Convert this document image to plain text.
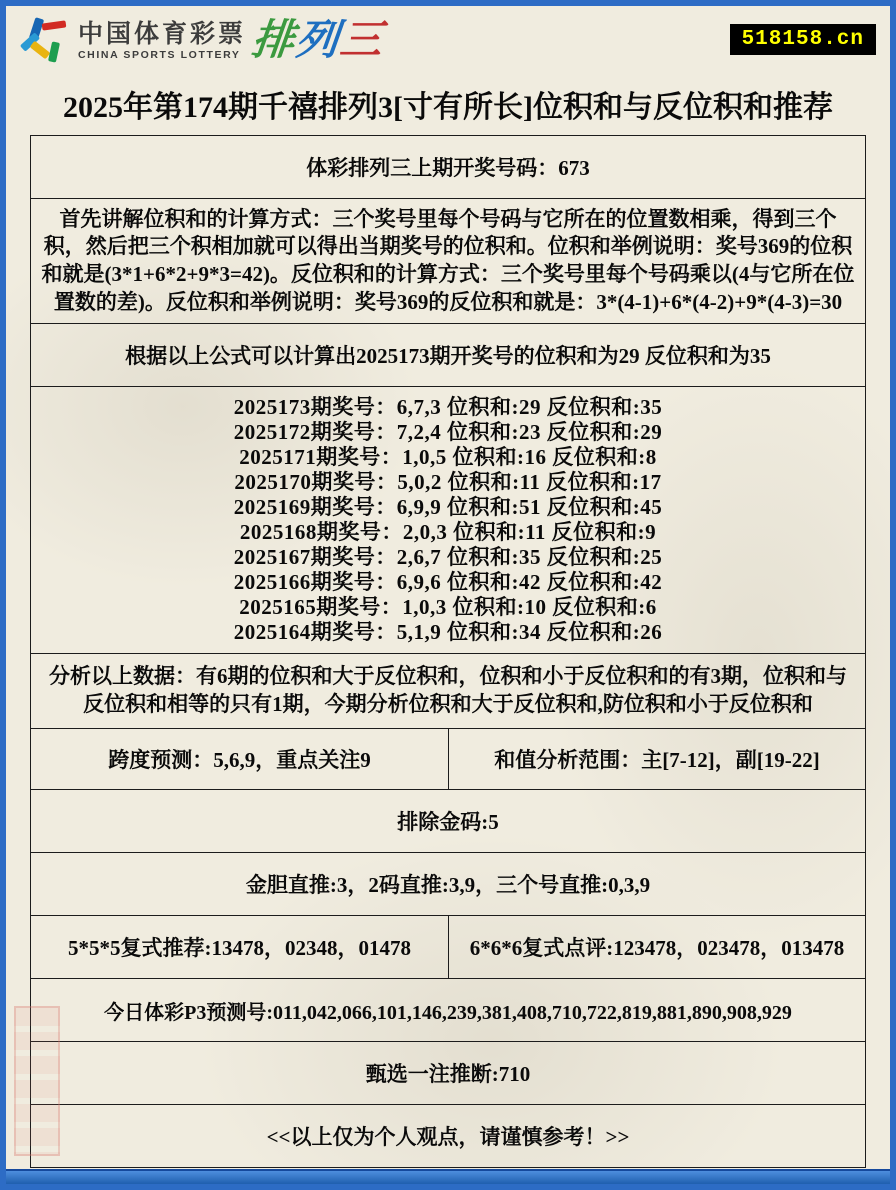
中国体育彩票
CHINA SPORTS LOTTERY 排列三	518158.cn
2025年第174期千禧排列3[寸有所长]位积和与反位积和推荐
体彩排列三上期开奖号码：673
首先讲解位积和的计算方式：三个奖号里每个号码与它所在的位置数相乘，得到三个积，然后把三个积相加就可以得出当期奖号的位积和。位积和举例说明：奖号369的位积和就是(3*1+6*2+9*3=42)。反位积和的计算方式：三个奖号里每个号码乘以(4与它所在位置数的差)。反位积和举例说明：奖号369的反位积和就是：3*(4-1)+6*(4-2)+9*(4-3)=30
根据以上公式可以计算出2025173期开奖号的位积和为29 反位积和为35
2025173期奖号：6,7,3 位积和:29 反位积和:35
2025172期奖号：7,2,4 位积和:23 反位积和:29
2025171期奖号：1,0,5 位积和:16 反位积和:8
2025170期奖号：5,0,2 位积和:11 反位积和:17
2025169期奖号：6,9,9 位积和:51 反位积和:45
2025168期奖号：2,0,3 位积和:11 反位积和:9
2025167期奖号：2,6,7 位积和:35 反位积和:25
2025166期奖号：6,9,6 位积和:42 反位积和:42
2025165期奖号：1,0,3 位积和:10 反位积和:6
2025164期奖号：5,1,9 位积和:34 反位积和:26
分析以上数据：有6期的位积和大于反位积和，位积和小于反位积和的有3期，位积和与反位积和相等的只有1期，今期分析位积和大于反位积和,防位积和小于反位积和
跨度预测：5,6,9，重点关注9	和值分析范围：主[7-12]，副[19-22]
排除金码:5
金胆直推:3，2码直推:3,9，三个号直推:0,3,9
5*5*5复式推荐:13478，02348，01478	6*6*6复式点评:123478，023478，013478
今日体彩P3预测号:011,042,066,101,146,239,381,408,710,722,819,881,890,908,929
甄选一注推断:710
<<以上仅为个人观点，请谨慎参考！>>
